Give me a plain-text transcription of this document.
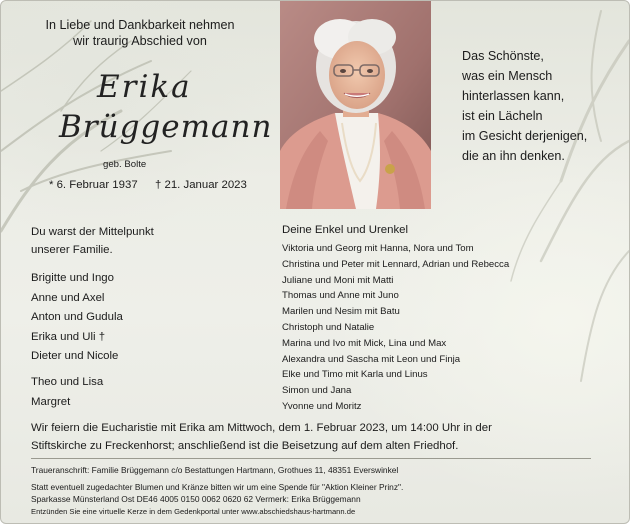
In Liebe und Dankbarkeit nehmen
wir traurig Abschied von
Erika
Brüggemann
geb. Bolte
* 6. Februar 1937 † 21. Januar 2023
Das Schönste,
was ein Mensch
hinterlassen kann,
ist ein Lächeln
im Gesicht derjenigen,
die an ihn denken.
Du warst der Mittelpunkt
unserer Familie.
Brigitte und Ingo
Anne und Axel
Anton und Gudula
Erika und Uli †
Dieter und Nicole
Theo und Lisa
Margret
Deine Enkel und Urenkel
Viktoria und Georg mit Hanna, Nora und Tom
Christina und Peter mit Lennard, Adrian und Rebecca
Juliane und Moni mit Matti
Thomas und Anne mit Juno
Marilen und Nesim mit Batu
Christoph und Natalie
Marina und Ivo mit Mick, Lina und Max
Alexandra und Sascha mit Leon und Finja
Elke und Timo mit Karla und Linus
Simon und Jana
Yvonne und Moritz
Wir feiern die Eucharistie mit Erika am Mittwoch, dem 1. Februar 2023, um 14:00 Uhr in der
Stiftskirche zu Freckenhorst; anschließend ist die Beisetzung auf dem alten Friedhof.
Traueranschrift: Familie Brüggemann c/o Bestattungen Hartmann, Grothues 11, 48351 Everswinkel
Statt eventuell zugedachter Blumen und Kränze bitten wir um eine Spende für "Aktion Kleiner Prinz".
Sparkasse Münsterland Ost DE46 4005 0150 0062 0620 62 Vermerk: Erika Brüggemann
Entzünden Sie eine virtuelle Kerze in dem Gedenkportal unter www.abschiedshaus-hartmann.de
